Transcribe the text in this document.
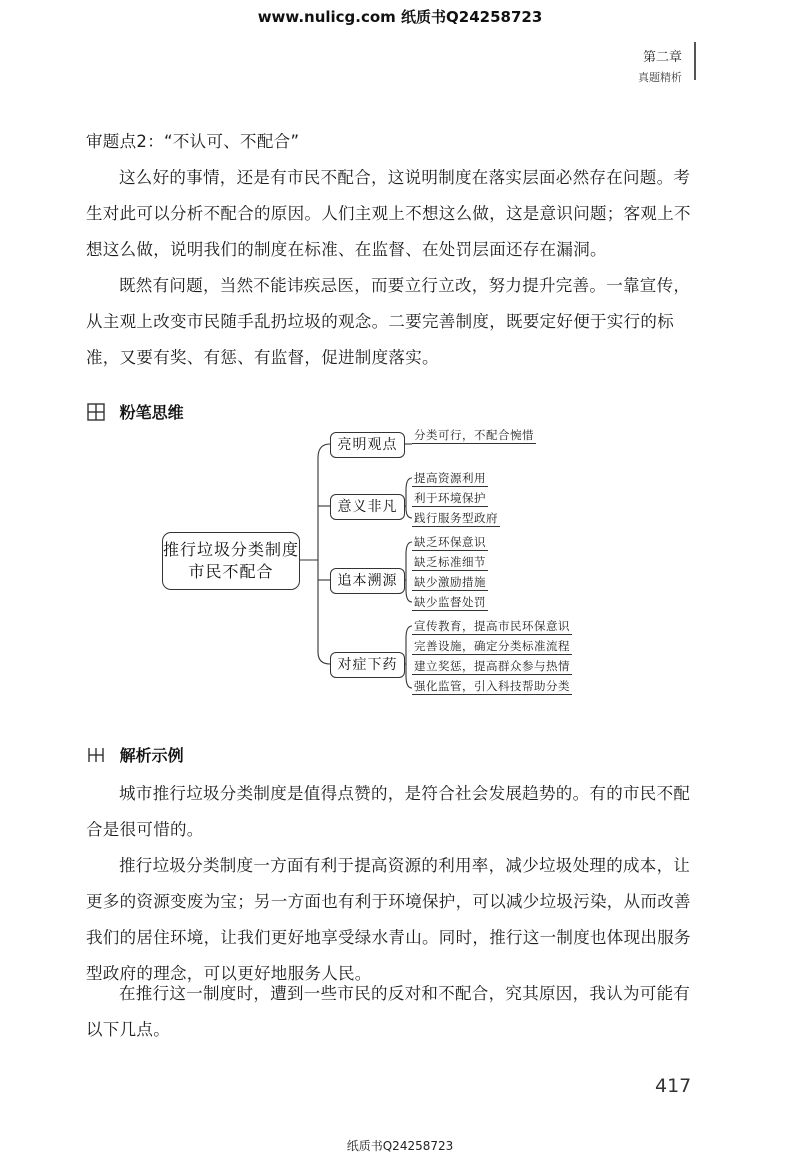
www.nulicg.com 纸质书Q24258723
第二章
真题精析
审题点2：“不认可、不配合”
这么好的事情，还是有市民不配合，这说明制度在落实层面必然存在问题。考生对此可以分析不配合的原因。人们主观上不想这么做，这是意识问题；客观上不想这么做，说明我们的制度在标准、在监督、在处罚层面还存在漏洞。
既然有问题，当然不能讳疾忌医，而要立行立改，努力提升完善。一靠宣传，从主观上改变市民随手乱扔垃圾的观念。二要完善制度，既要定好便于实行的标准，又要有奖、有惩、有监督，促进制度落实。
粉笔思维
推行垃圾分类制度
市民不配合
亮明观点
意义非凡
追本溯源
对症下药
分类可行，不配合惋惜
提高资源利用
利于环境保护
践行服务型政府
缺乏环保意识
缺乏标准细节
缺少激励措施
缺少监督处罚
宣传教育，提高市民环保意识
完善设施，确定分类标准流程
建立奖惩，提高群众参与热情
强化监管，引入科技帮助分类
解析示例
城市推行垃圾分类制度是值得点赞的，是符合社会发展趋势的。有的市民不配合是很可惜的。
推行垃圾分类制度一方面有利于提高资源的利用率，减少垃圾处理的成本，让更多的资源变废为宝；另一方面也有利于环境保护，可以减少垃圾污染，从而改善我们的居住环境，让我们更好地享受绿水青山。同时，推行这一制度也体现出服务型政府的理念，可以更好地服务人民。
在推行这一制度时，遭到一些市民的反对和不配合，究其原因，我认为可能有以下几点。
417
纸质书Q24258723
